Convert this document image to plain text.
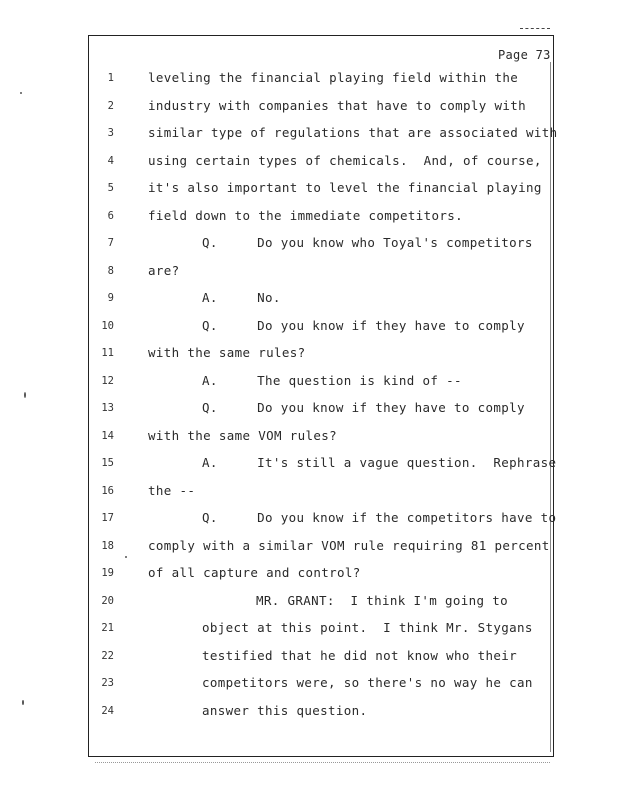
Page 73
1	leveling the financial playing field within the
2	industry with companies that have to comply with
3	similar type of regulations that are associated with
4	using certain types of chemicals.  And, of course,
5	it's also important to level the financial playing
6	field down to the immediate competitors.
7	Q.     Do you know who Toyal's competitors
8	are?
9	A.     No.
10	Q.     Do you know if they have to comply
11	with the same rules?
12	A.     The question is kind of --
13	Q.     Do you know if they have to comply
14	with the same VOM rules?
15	A.     It's still a vague question.  Rephrase
16	the --
17	Q.     Do you know if the competitors have to
18	comply with a similar VOM rule requiring 81 percent
19	of all capture and control?
20	MR. GRANT:  I think I'm going to
21	object at this point.  I think Mr. Stygans
22	testified that he did not know who their
23	competitors were, so there's no way he can
24	answer this question.
